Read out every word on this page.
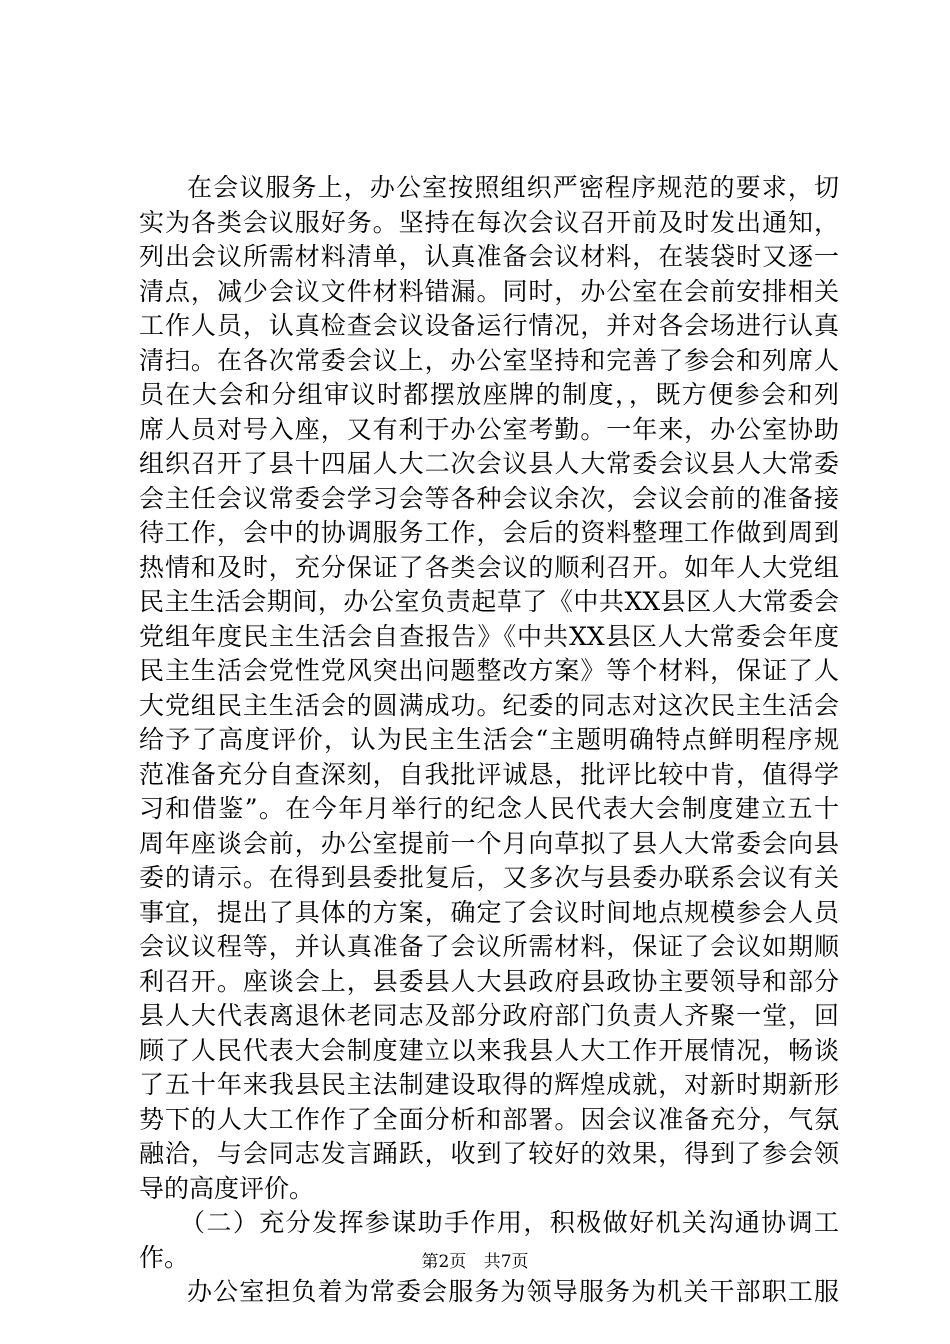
在会议服务上，办公室按照组织严密程序规范的要求，切
实为各类会议服好务。坚持在每次会议召开前及时发出通知，
列出会议所需材料清单，认真准备会议材料，在装袋时又逐一
清点，减少会议文件材料错漏。同时，办公室在会前安排相关
工作人员，认真检查会议设备运行情况，并对各会场进行认真
清扫。在各次常委会议上，办公室坚持和完善了参会和列席人
员在大会和分组审议时都摆放座牌的制度，，既方便参会和列
席人员对号入座，又有利于办公室考勤。一年来，办公室协助
组织召开了县十四届人大二次会议县人大常委会议县人大常委
会主任会议常委会学习会等各种会议余次，会议会前的准备接
待工作，会中的协调服务工作，会后的资料整理工作做到周到
热情和及时，充分保证了各类会议的顺利召开。如年人大党组
民主生活会期间，办公室负责起草了《中共XX县区人大常委会
党组年度民主生活会自查报告》《中共XX县区人大常委会年度
民主生活会党性党风突出问题整改方案》等个材料，保证了人
大党组民主生活会的圆满成功。纪委的同志对这次民主生活会
给予了高度评价，认为民主生活会“主题明确特点鲜明程序规
范准备充分自查深刻，自我批评诚恳，批评比较中肯，值得学
习和借鉴”。在今年月举行的纪念人民代表大会制度建立五十
周年座谈会前，办公室提前一个月向草拟了县人大常委会向县
委的请示。在得到县委批复后，又多次与县委办联系会议有关
事宜，提出了具体的方案，确定了会议时间地点规模参会人员
会议议程等，并认真准备了会议所需材料，保证了会议如期顺
利召开。座谈会上，县委县人大县政府县政协主要领导和部分
县人大代表离退休老同志及部分政府部门负责人齐聚一堂，回
顾了人民代表大会制度建立以来我县人大工作开展情况，畅谈
了五十年来我县民主法制建设取得的辉煌成就，对新时期新形
势下的人大工作作了全面分析和部署。因会议准备充分，气氛
融洽，与会同志发言踊跃，收到了较好的效果，得到了参会领
导的高度评价。
（二）充分发挥参谋助手作用，积极做好机关沟通协调工
作。
办公室担负着为常委会服务为领导服务为机关干部职工服
第2页 共7页
